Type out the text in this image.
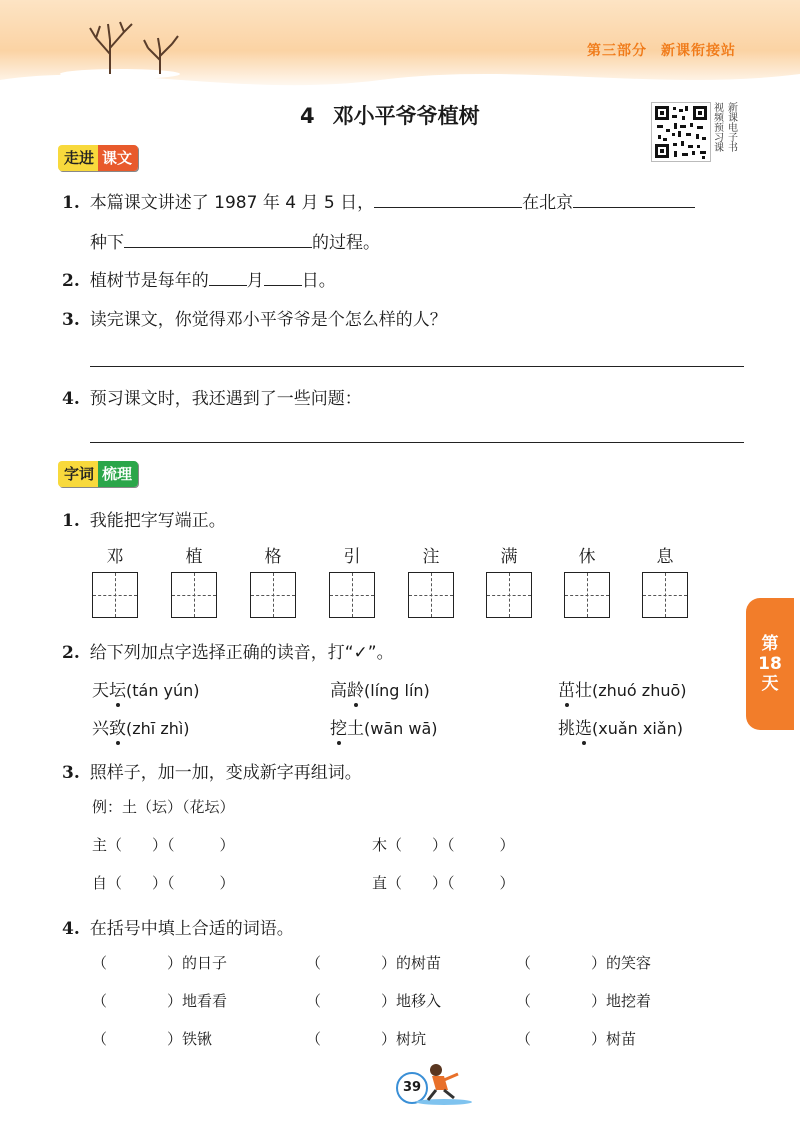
第三部分 新课衔接站
4 邓小平爷爷植树	视 新
频 课
预 电
习 子
课 书
走进 课文
1. 本篇课文讲述了 1987 年 4 月 5 日，	在北京
种下	的过程。
2. 植树节是每年的 月 日。
3. 读完课文，你觉得邓小平爷爷是个怎么样的人？
4. 预习课文时，我还遇到了一些问题：
字词 梳理
1. 我能把字写端正。
邓	植	格	引	注	满	休	息
2. 给下列加点字选择正确的读音，打“✓”。
天坛(tán yún)	高龄(líng lín)	茁壮(zhuó zhuō)
兴致(zhī zhì)	挖土(wān wā)	挑选(xuǎn xiǎn)
第
18
天
3. 照样子，加一加，变成新字再组词。
例：土（坛）（花坛）
主（　　）（　　　）	木（　　）（　　　）
自（　　）（　　　）	直（　　）（　　　）
4. 在括号中填上合适的词语。
（　　　　）的日子	（　　　　）的树苗	（　　　　）的笑容
（　　　　）地看看	（　　　　）地移入	（　　　　）地挖着
（　　　　）铁锹	（　　　　）树坑	（　　　　）树苗
39
